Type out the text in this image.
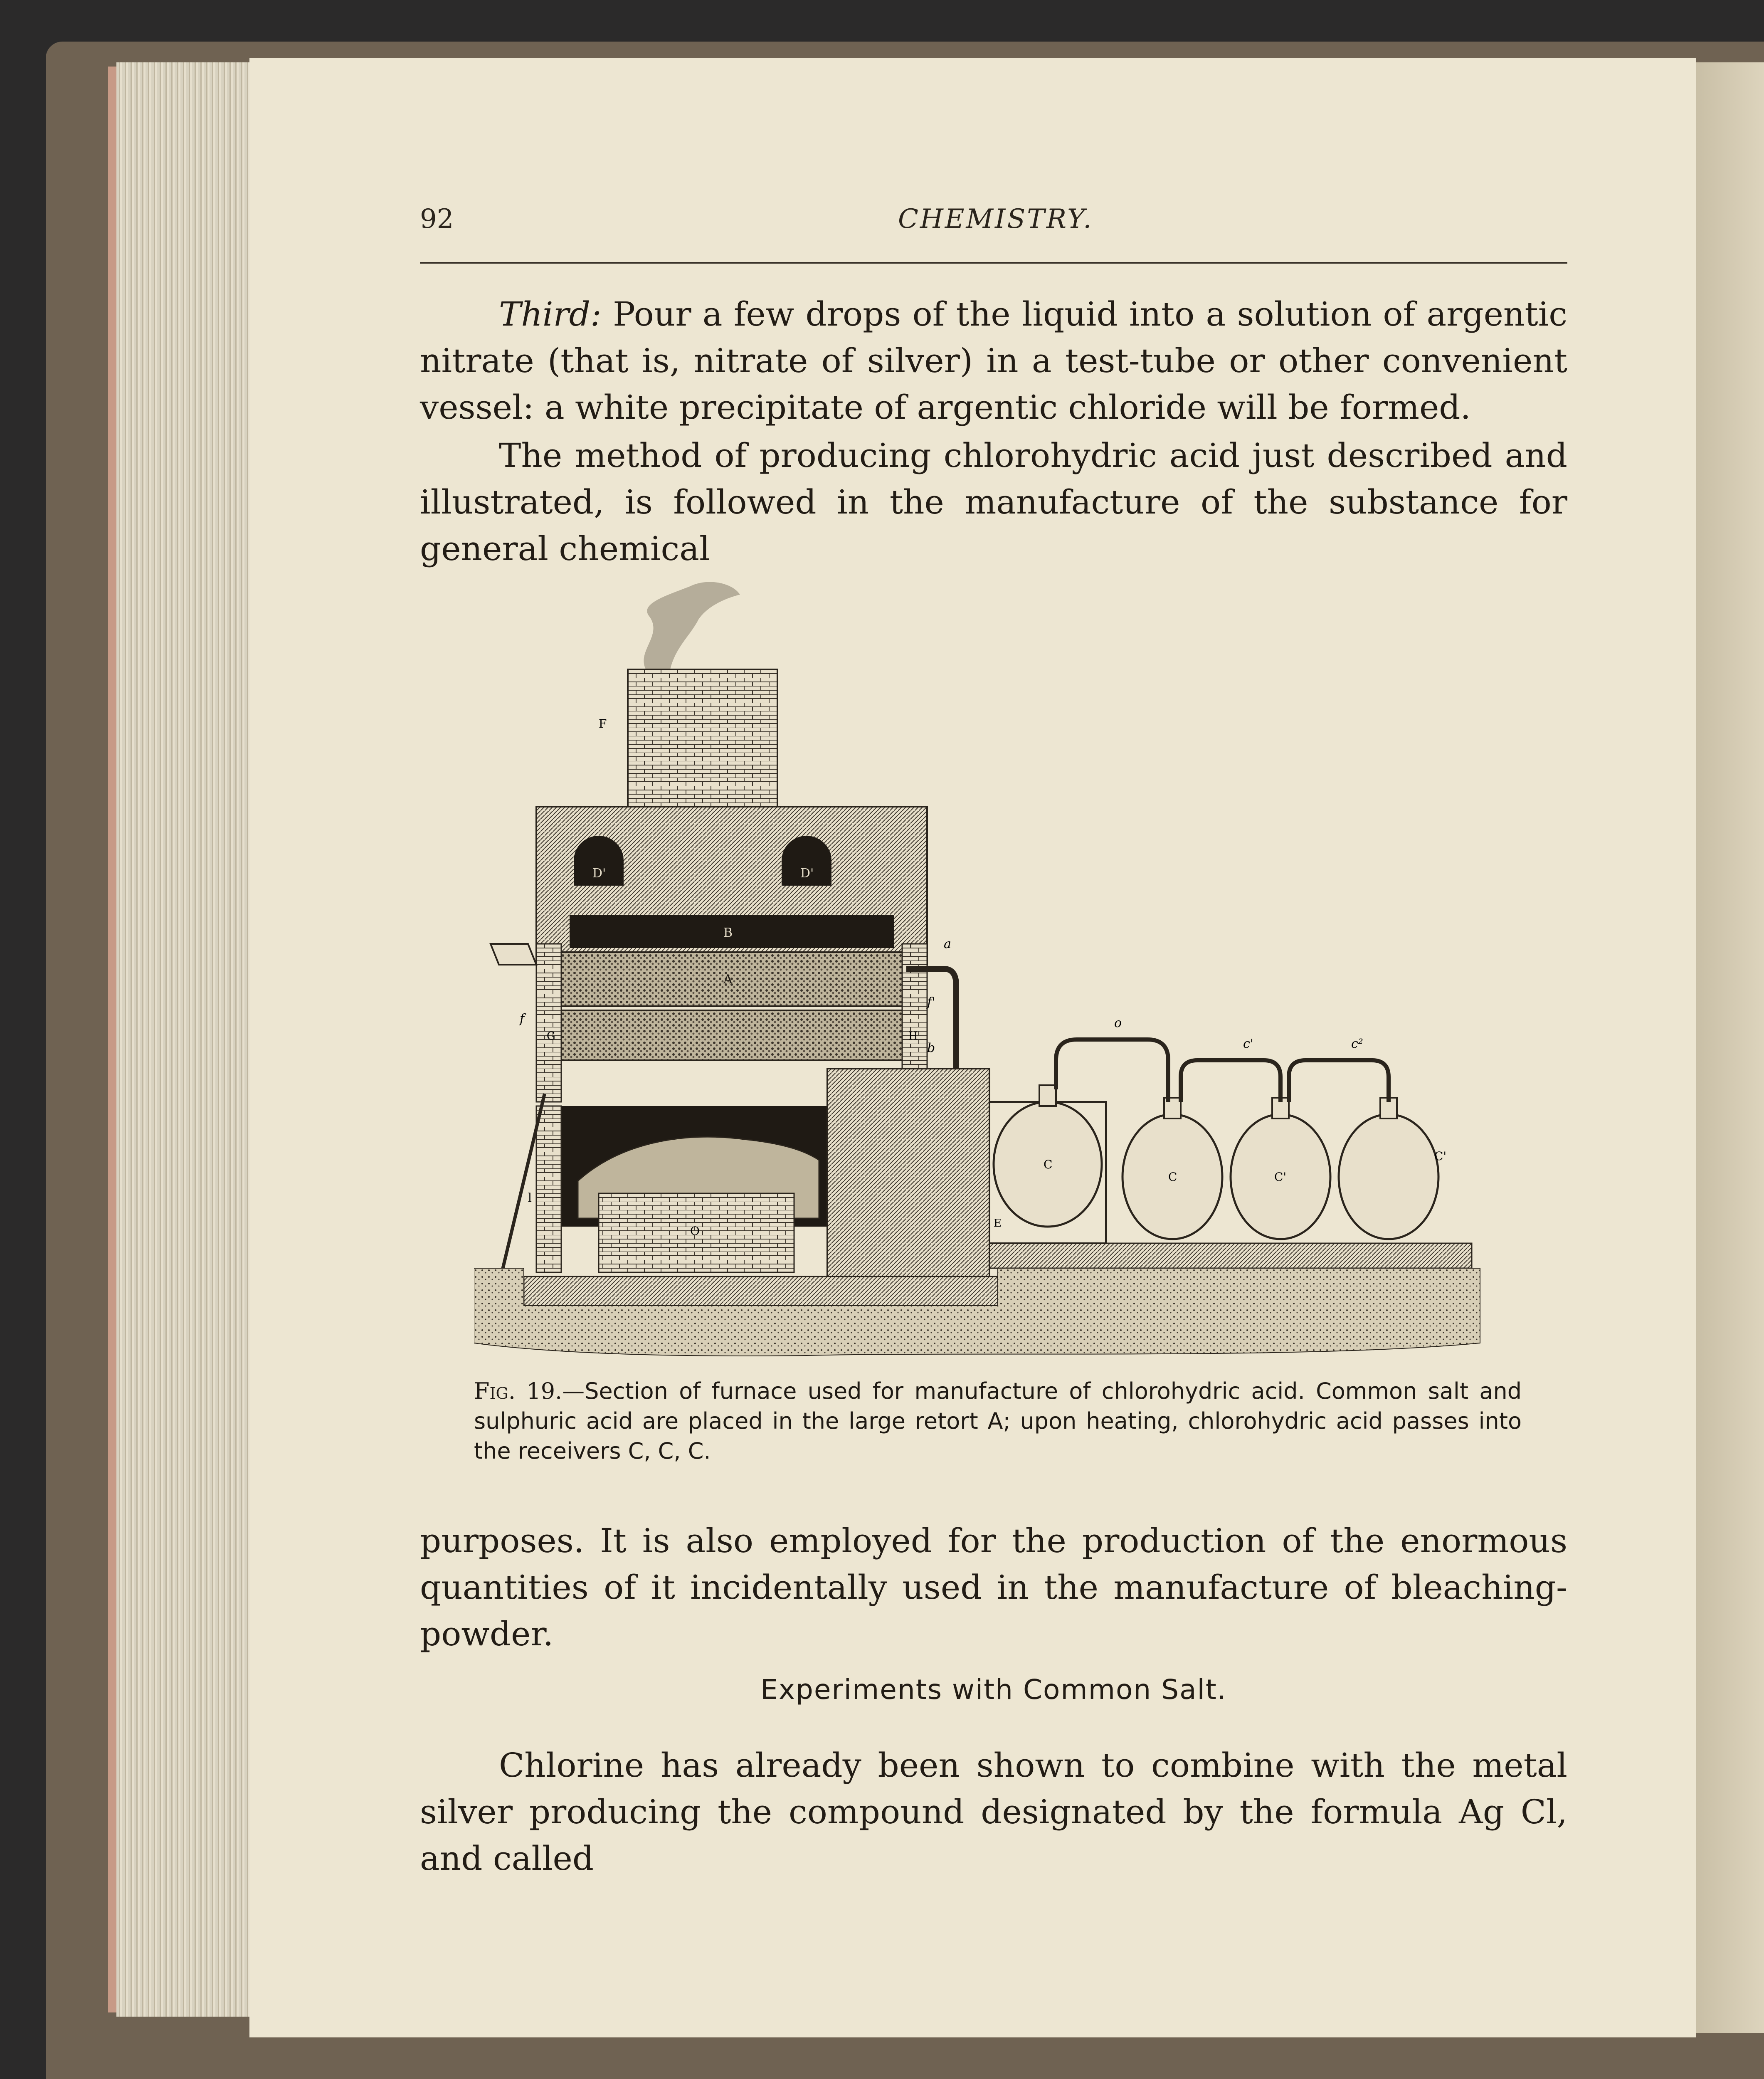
92	CHEMISTRY.

Third: Pour a few drops of the liquid into a solution of argentic nitrate (that is, nitrate of silver) in a test-tube or other convenient vessel: a white precipitate of argentic chloride will be formed.

The method of producing chlorohydric acid just described and illustrated, is followed in the manufacture of the substance for general chemical

F
D'	D'
B
A
G	H
f
f'
a
b
O
l
E
C
C	C'
C'
o
c'	c²

Fig. 19.—Section of furnace used for manufacture of chlorohydric acid. Common salt and sulphuric acid are placed in the large retort A; upon heating, chlorohydric acid passes into the receivers C, C, C.

purposes. It is also employed for the production of the enormous quantities of it incidentally used in the manufacture of bleaching-powder.

Experiments with Common Salt.

Chlorine has already been shown to combine with the metal silver producing the compound designated by the formula Ag Cl, and called
